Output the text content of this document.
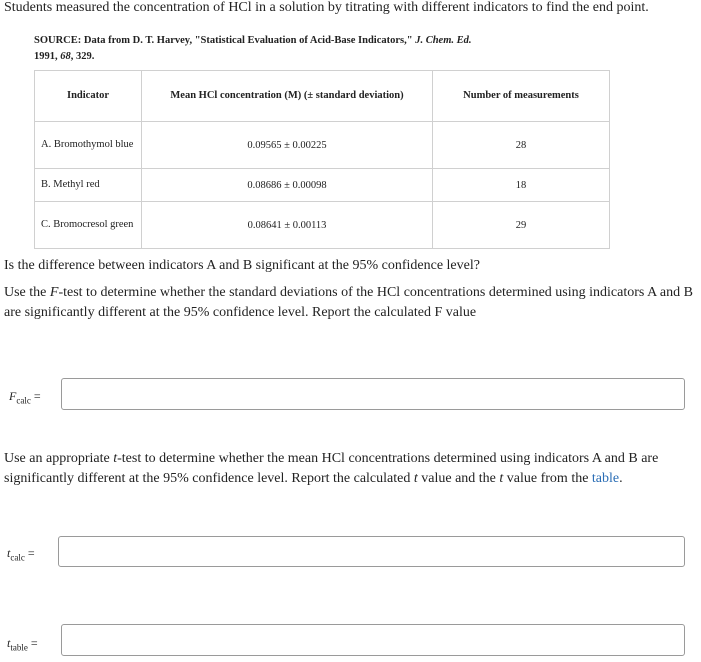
Students measured the concentration of HCl in a solution by titrating with different indicators to find the end point.
SOURCE: Data from D. T. Harvey, "Statistical Evaluation of Acid-Base Indicators," J. Chem. Ed.
1991, 68, 329.
Indicator	Mean HCl concentration (M) (± standard deviation)	Number of measurements
A. Bromothymol blue	0.09565 ± 0.00225	28
B. Methyl red	0.08686 ± 0.00098	18
C. Bromocresol green	0.08641 ± 0.00113	29
Is the difference between indicators A and B significant at the 95% confidence level?
Use the F-test to determine whether the standard deviations of the HCl concentrations determined using indicators A and B are significantly different at the 95% confidence level. Report the calculated F value
$F_{calc}$ =
Use an appropriate t-test to determine whether the mean HCl concentrations determined using indicators A and B are significantly different at the 95% confidence level. Report the calculated t value and the t value from the table.
$t_{calc}$ =
$t_{table}$ =
